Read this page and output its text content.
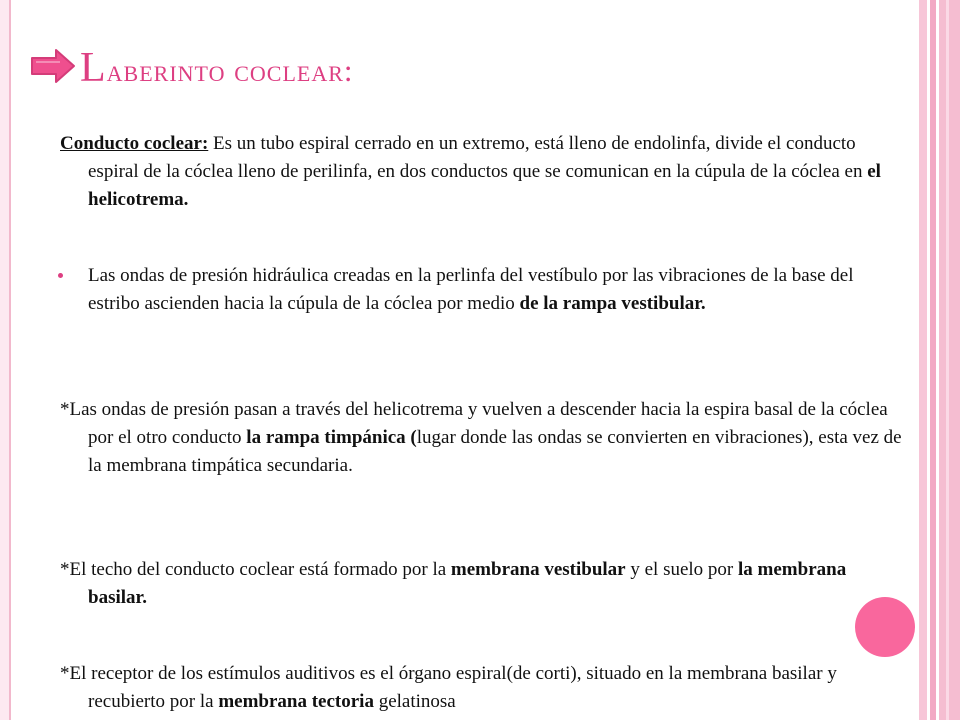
Laberinto coclear:

Conducto coclear: Es un tubo espiral cerrado en un extremo, está lleno de endolinfa, divide el conducto espiral de la cóclea lleno de perilinfa, en dos conductos que se comunican en la cúpula de la cóclea en el helicotrema.

Las ondas de presión hidráulica creadas en la perlinfa del vestíbulo por las vibraciones de la base del estribo ascienden hacia la cúpula de la cóclea por medio de la rampa vestibular.

*Las ondas de presión pasan a través del helicotrema y vuelven a descender hacia la espira basal de la cóclea por el otro conducto la rampa timpánica (lugar donde las ondas se convierten en vibraciones), esta vez de la membrana timpática secundaria.

*El techo del conducto coclear está formado por la membrana vestibular y el suelo por la membrana basilar.

*El receptor de los estímulos auditivos es el órgano espiral(de corti), situado en la membrana basilar y recubierto por la membrana tectoria gelatinosa
